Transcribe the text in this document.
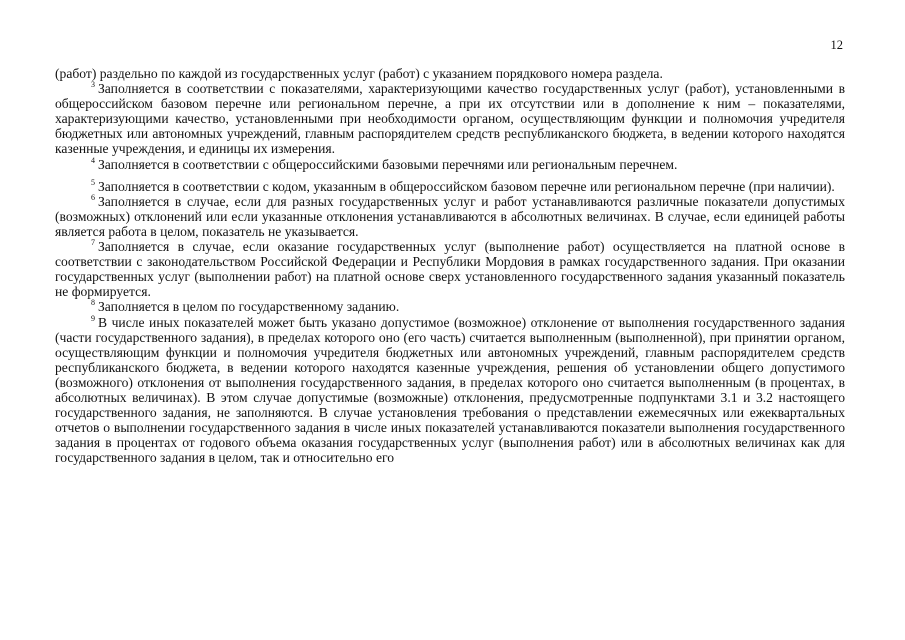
12

(работ) раздельно по каждой из государственных услуг (работ) с указанием порядкового номера раздела.

$^3$ Заполняется в соответствии с показателями, характеризующими качество государственных услуг (работ), установленными в общероссийском базовом перечне или региональном перечне, а при их отсутствии или в дополнение к ним – показателями, характеризующими качество, установленными при необходимости органом, осуществляющим функции и полномочия учредителя бюджетных или автономных учреждений, главным распорядителем средств республиканского бюджета, в ведении которого находятся казенные учреждения, и единицы их измерения.

$^4$ Заполняется в соответствии с общероссийскими базовыми перечнями или региональным перечнем.

$^5$ Заполняется в соответствии с кодом, указанным в общероссийском базовом перечне или региональном перечне (при наличии).

$^6$ Заполняется в случае, если для разных государственных услуг и работ устанавливаются различные показатели допустимых (возможных) отклонений или если указанные отклонения устанавливаются в абсолютных величинах. В случае, если единицей работы является работа в целом, показатель не указывается.

$^7$ Заполняется в случае, если оказание государственных услуг (выполнение работ) осуществляется на платной основе в соответствии с законодательством Российской Федерации и Республики Мордовия в рамках государственного задания. При оказании государственных услуг (выполнении работ) на платной основе сверх установленного государственного задания указанный показатель не формируется.

$^8$ Заполняется в целом по государственному заданию.

$^9$ В числе иных показателей может быть указано допустимое (возможное) отклонение от выполнения государственного задания (части государственного задания), в пределах которого оно (его часть) считается выполненным (выполненной), при принятии органом, осуществляющим функции и полномочия учредителя бюджетных или автономных учреждений, главным распорядителем средств республиканского бюджета, в ведении которого находятся казенные учреждения, решения об установлении общего допустимого (возможного) отклонения от выполнения государственного задания, в пределах которого оно считается выполненным (в процентах, в абсолютных величинах). В этом случае допустимые (возможные) отклонения, предусмотренные подпунктами 3.1 и 3.2 настоящего государственного задания, не заполняются. В случае установления требования о представлении ежемесячных или ежеквартальных отчетов о выполнении государственного задания в числе иных показателей устанавливаются показатели выполнения государственного задания в процентах от годового объема оказания государственных услуг (выполнения работ) или в абсолютных величинах как для государственного задания в целом, так и относительно его
